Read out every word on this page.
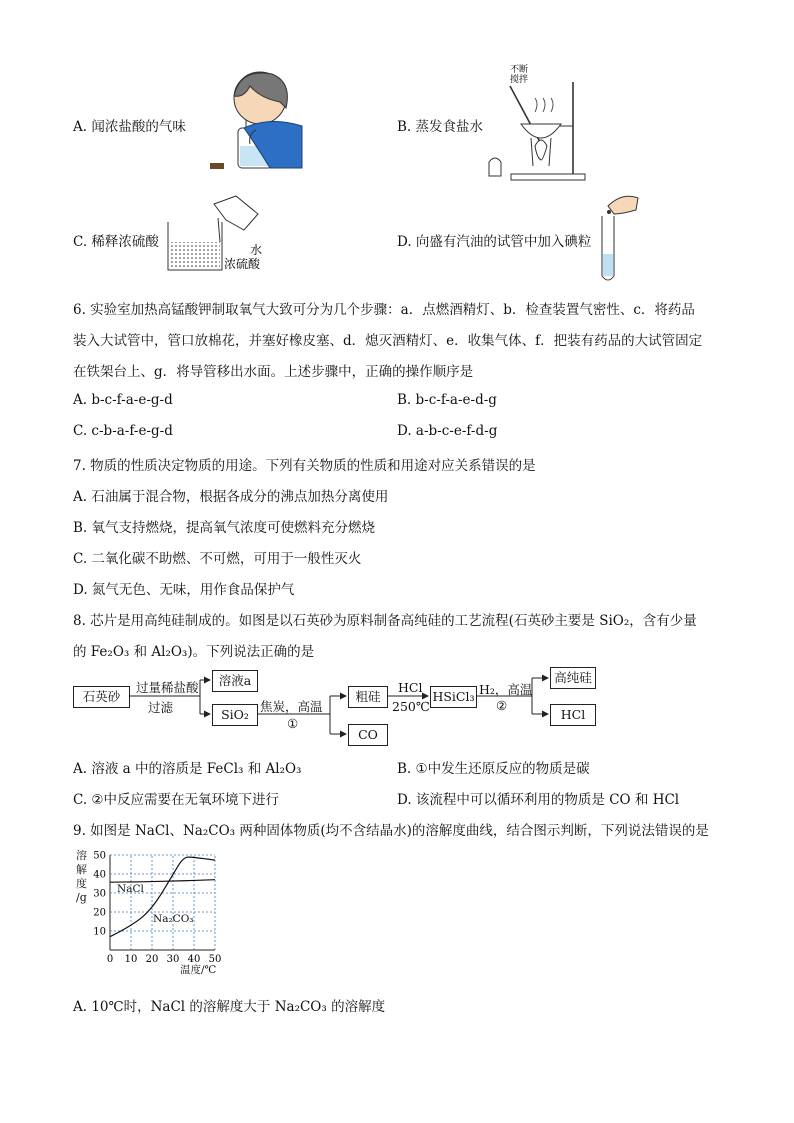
A. 闻浓盐酸的气味	B. 蒸发食盐水
C. 稀释浓硫酸	D. 向盛有汽油的试管中加入碘粒
不断
搅拌
水
浓硫酸
6. 实验室加热高锰酸钾制取氧气大致可分为几个步骤：a．点燃酒精灯、b．检查装置气密性、c．将药品
装入大试管中，管口放棉花，并塞好橡皮塞、d．熄灭酒精灯、e．收集气体、f．把装有药品的大试管固定
在铁架台上、g．将导管移出水面。上述步骤中，正确的操作顺序是
A. b-c-f-a-e-g-d	B. b-c-f-a-e-d-g
C. c-b-a-f-e-g-d	D. a-b-c-e-f-d-g
7. 物质的性质决定物质的用途。下列有关物质的性质和用途对应关系错误的是
A. 石油属于混合物，根据各成分的沸点加热分离使用
B. 氧气支持燃烧，提高氧气浓度可使燃料充分燃烧
C. 二氧化碳不助燃、不可燃，可用于一般性灭火
D. 氮气无色、无味，用作食品保护气
8. 芯片是用高纯硅制成的。如图是以石英砂为原料制备高纯硅的工艺流程(石英砂主要是 SiO₂，含有少量
的 Fe₂O₃ 和 Al₂O₃)。下列说法正确的是
石英砂
过量稀盐酸
过滤
溶液a
SiO₂
焦炭，高温
①
粗硅
CO
HCl
250℃
HSiCl₃ H₂，高温
②
高纯硅
HCl
A. 溶液 a 中的溶质是 FeCl₃ 和 Al₂O₃	B. ①中发生还原反应的物质是碳
C. ②中反应需要在无氧环境下进行	D. 该流程中可以循环利用的物质是 CO 和 HCl
9. 如图是 NaCl、Na₂CO₃ 两种固体物质(均不含结晶水)的溶解度曲线，结合图示判断，下列说法错误的是
0 10 20 30 40 50
10
20
30
40
50
溶
解
度
/g
温度/℃
NaCl
Na₂CO₃
A. 10℃时，NaCl 的溶解度大于 Na₂CO₃ 的溶解度
